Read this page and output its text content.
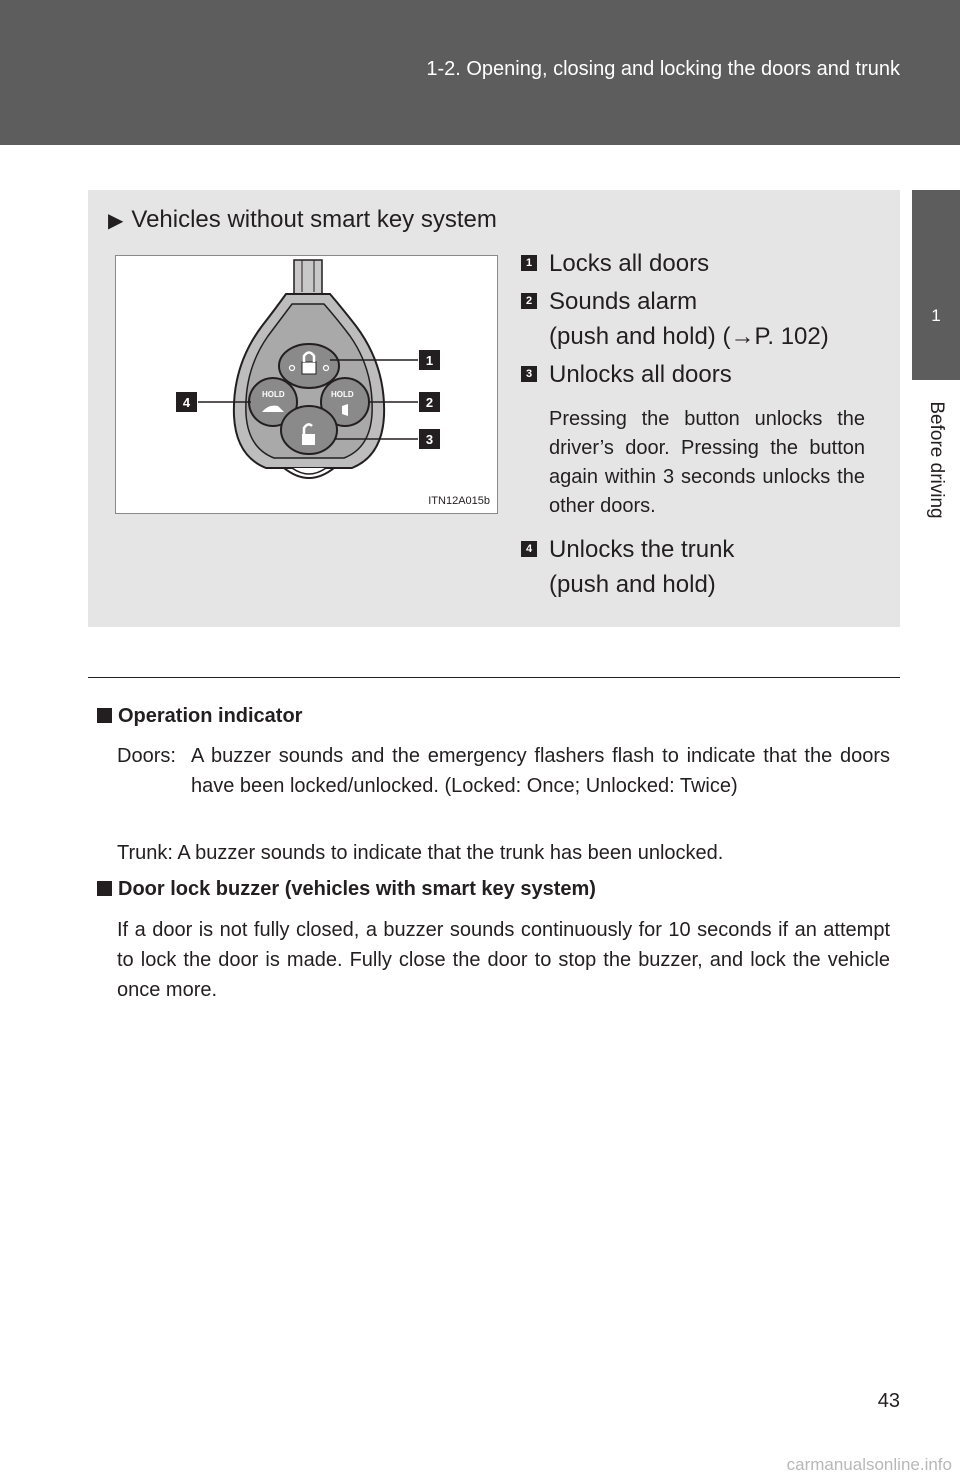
1-2. Opening, closing and locking the doors and trunk
1
Before driving
▶ Vehicles without smart key system
HOLD	HOLD
1
2
3
4
ITN12A015b
1 Locks all doors
2 Sounds alarm
(push and hold) (→P. 102)
3 Unlocks all doors
Pressing the button unlocks the driver’s door. Pressing the button again within 3 seconds unlocks the other doors.
4 Unlocks the trunk
(push and hold)
Operation indicator
Doors: A buzzer sounds and the emergency flashers flash to indicate that the doors have been locked/unlocked. (Locked: Once; Unlocked: Twice)
Trunk: A buzzer sounds to indicate that the trunk has been unlocked.
Door lock buzzer (vehicles with smart key system)
If a door is not fully closed, a buzzer sounds continuously for 10 seconds if an attempt to lock the door is made. Fully close the door to stop the buzzer, and lock the vehicle once more.
43
carmanualsonline.info
